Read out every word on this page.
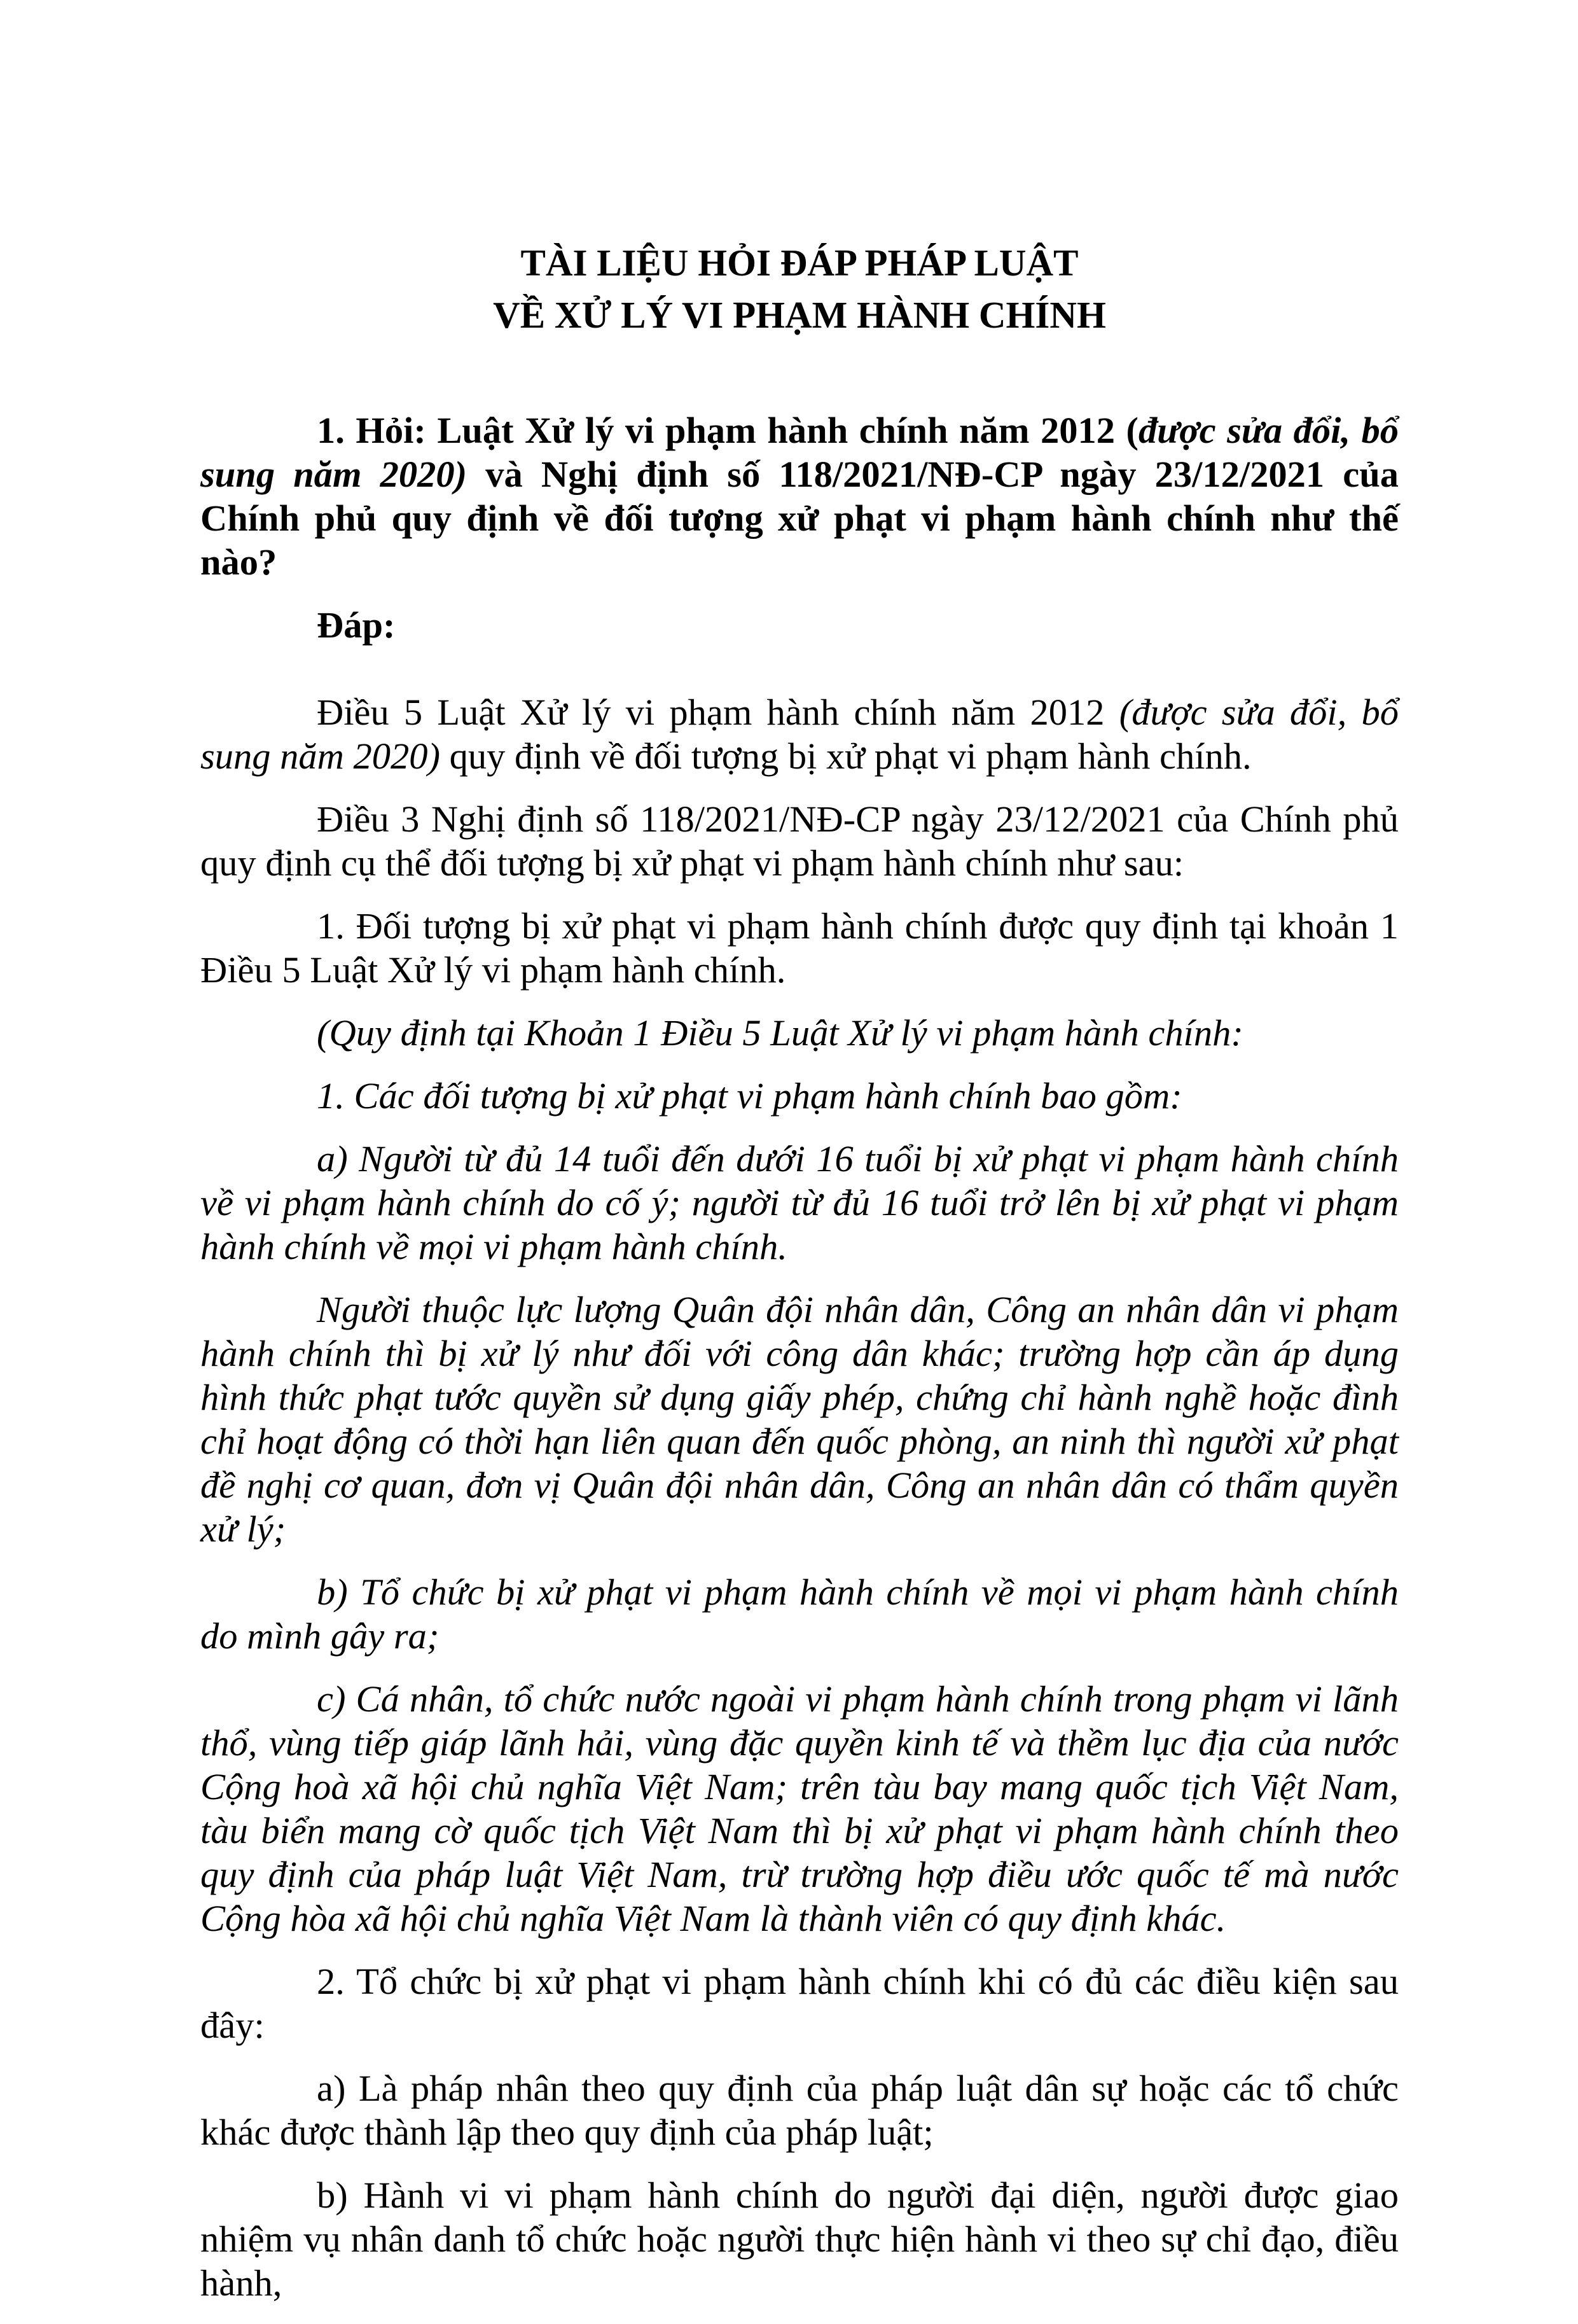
TÀI LIỆU HỎI ĐÁP PHÁP LUẬT
VỀ XỬ LÝ VI PHẠM HÀNH CHÍNH

1. Hỏi: Luật Xử lý vi phạm hành chính năm 2012 (được sửa đổi, bổ sung năm 2020) và Nghị định số 118/2021/NĐ-CP ngày 23/12/2021 của Chính phủ quy định về đối tượng xử phạt vi phạm hành chính như thế nào?

Đáp:

Điều 5 Luật Xử lý vi phạm hành chính năm 2012 (được sửa đổi, bổ sung năm 2020) quy định về đối tượng bị xử phạt vi phạm hành chính.

Điều 3 Nghị định số 118/2021/NĐ-CP ngày 23/12/2021 của Chính phủ quy định cụ thể đối tượng bị xử phạt vi phạm hành chính như sau:

1. Đối tượng bị xử phạt vi phạm hành chính được quy định tại khoản 1 Điều 5 Luật Xử lý vi phạm hành chính.

(Quy định tại Khoản 1 Điều 5 Luật Xử lý vi phạm hành chính:

1. Các đối tượng bị xử phạt vi phạm hành chính bao gồm:

a) Người từ đủ 14 tuổi đến dưới 16 tuổi bị xử phạt vi phạm hành chính về vi phạm hành chính do cố ý; người từ đủ 16 tuổi trở lên bị xử phạt vi phạm hành chính về mọi vi phạm hành chính.

Người thuộc lực lượng Quân đội nhân dân, Công an nhân dân vi phạm hành chính thì bị xử lý như đối với công dân khác; trường hợp cần áp dụng hình thức phạt tước quyền sử dụng giấy phép, chứng chỉ hành nghề hoặc đình chỉ hoạt động có thời hạn liên quan đến quốc phòng, an ninh thì người xử phạt đề nghị cơ quan, đơn vị Quân đội nhân dân, Công an nhân dân có thẩm quyền xử lý;

b) Tổ chức bị xử phạt vi phạm hành chính về mọi vi phạm hành chính do mình gây ra;

c) Cá nhân, tổ chức nước ngoài vi phạm hành chính trong phạm vi lãnh thổ, vùng tiếp giáp lãnh hải, vùng đặc quyền kinh tế và thềm lục địa của nước Cộng hoà xã hội chủ nghĩa Việt Nam; trên tàu bay mang quốc tịch Việt Nam, tàu biển mang cờ quốc tịch Việt Nam thì bị xử phạt vi phạm hành chính theo quy định của pháp luật Việt Nam, trừ trường hợp điều ước quốc tế mà nước Cộng hòa xã hội chủ nghĩa Việt Nam là thành viên có quy định khác.

2. Tổ chức bị xử phạt vi phạm hành chính khi có đủ các điều kiện sau đây:

a) Là pháp nhân theo quy định của pháp luật dân sự hoặc các tổ chức khác được thành lập theo quy định của pháp luật;

b) Hành vi vi phạm hành chính do người đại diện, người được giao nhiệm vụ nhân danh tổ chức hoặc người thực hiện hành vi theo sự chỉ đạo, điều hành,
